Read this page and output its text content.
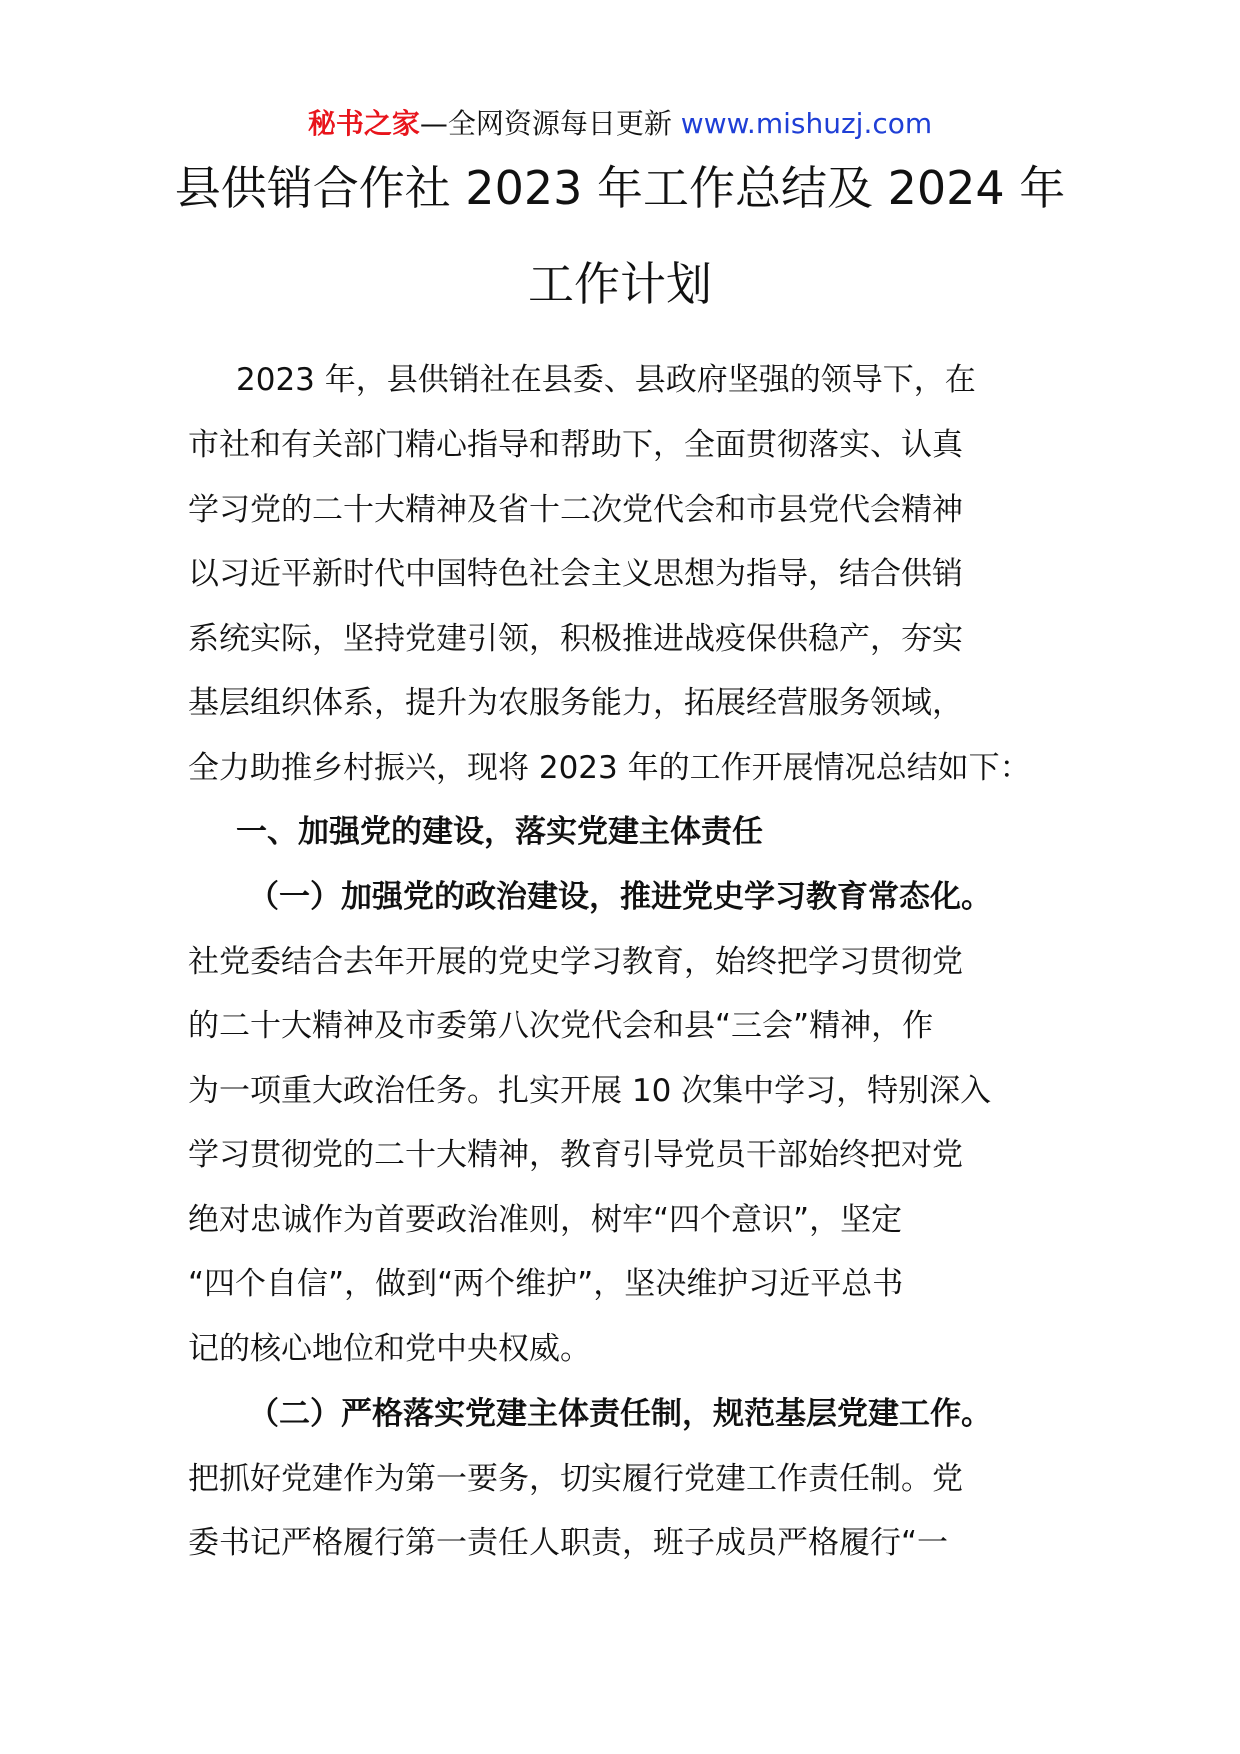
秘书之家—全网资源每日更新 www.mishuzj.com
县供销合作社 2023 年工作总结及 2024 年
工作计划
2023 年，县供销社在县委、县政府坚强的领导下，在
市社和有关部门精心指导和帮助下，全面贯彻落实、认真
学习党的二十大精神及省十二次党代会和市县党代会精神
以习近平新时代中国特色社会主义思想为指导，结合供销
系统实际，坚持党建引领，积极推进战疫保供稳产，夯实
基层组织体系，提升为农服务能力，拓展经营服务领域，
全力助推乡村振兴，现将 2023 年的工作开展情况总结如下：
一、加强党的建设，落实党建主体责任
（一）加强党的政治建设，推进党史学习教育常态化。
社党委结合去年开展的党史学习教育，始终把学习贯彻党
的二十大精神及市委第八次党代会和县“三会”精神，作
为一项重大政治任务。扎实开展 10 次集中学习，特别深入
学习贯彻党的二十大精神，教育引导党员干部始终把对党
绝对忠诚作为首要政治准则，树牢“四个意识”，坚定
“四个自信”，做到“两个维护”，坚决维护习近平总书
记的核心地位和党中央权威。
（二）严格落实党建主体责任制，规范基层党建工作。
把抓好党建作为第一要务，切实履行党建工作责任制。党
委书记严格履行第一责任人职责，班子成员严格履行“一
